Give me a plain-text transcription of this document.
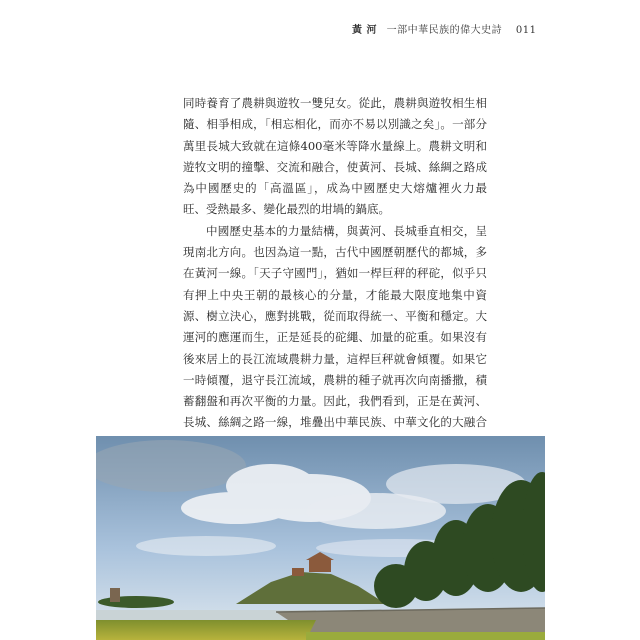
黃 河 一部中華民族的偉大史詩 011

同時養育了農耕與遊牧一雙兒女。從此，農耕與遊牧相生相隨、相爭相成，「相忘相化，而亦不易以別識之矣」。一部分萬里長城大致就在這條400毫米等降水量線上。農耕文明和遊牧文明的撞擊、交流和融合，使黃河、長城、絲綢之路成為中國歷史的「高溫區」，成為中國歷史大熔爐裡火力最旺、受熱最多、變化最烈的坩堝的鍋底。

中國歷史基本的力量結構，與黃河、長城垂直相交，呈現南北方向。也因為這一點，古代中國歷朝歷代的都城，多在黃河一線。「天子守國門」，猶如一桿巨秤的秤砣，似乎只有押上中央王朝的最核心的分量，才能最大限度地集中資源、樹立決心，應對挑戰，從而取得統一、平衡和穩定。大運河的應運而生，正是延長的砣繩、加量的砣重。如果沒有後來居上的長江流域農耕力量，這桿巨秤就會傾覆。如果它一時傾覆，退守長江流域，農耕的種子就再次向南播撒，積蓄翻盤和再次平衡的力量。因此，我們看到，正是在黃河、長城、絲綢之路一線，堆疊出中華民族、中華文化的大融合
